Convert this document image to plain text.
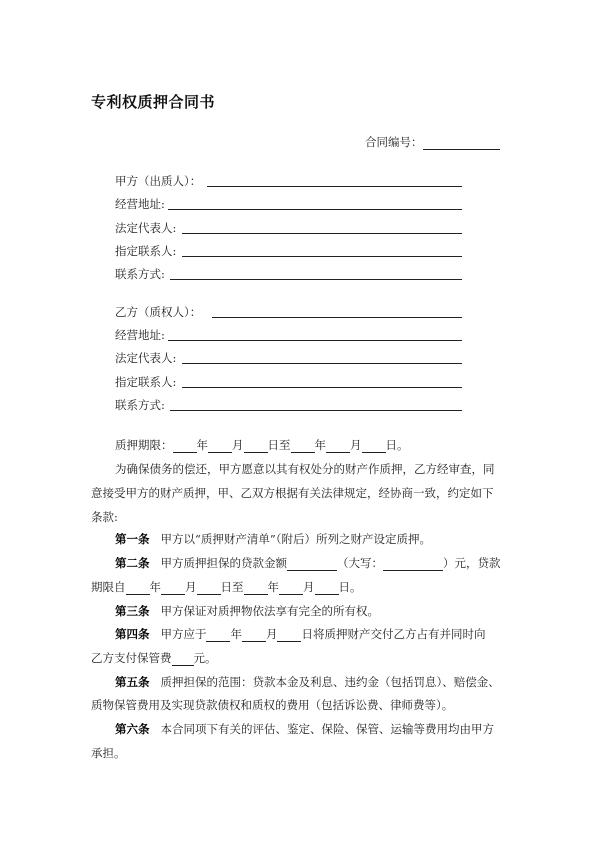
专利权质押合同书
合同编号：
甲方（出质人）：
经营地址:
法定代表人:
指定联系人:
联系方式:
乙方（质权人）：
经营地址:
法定代表人:
指定联系人:
联系方式:
质押期限： 年 月 日至 年 月 日。
为确保债务的偿还，甲方愿意以其有权处分的财产作质押，乙方经审查，同
意接受甲方的财产质押，甲、乙双方根据有关法律规定，经协商一致，约定如下
条款:
第一条 甲方以“质押财产清单”（附后）所列之财产设定质押。
第二条 甲方质押担保的贷款金额	（大写：	）元，贷款
期限自 年 月 日至 年 月 日。
第三条 甲方保证对质押物依法享有完全的所有权。
第四条 甲方应于 年 月 日将质押财产交付乙方占有并同时向
乙方支付保管费 元。
第五条 质押担保的范围：贷款本金及利息、违约金（包括罚息）、赔偿金、
质物保管费用及实现贷款债权和质权的费用（包括诉讼费、律师费等）。
第六条 本合同项下有关的评估、鉴定、保险、保管、运输等费用均由甲方
承担。
